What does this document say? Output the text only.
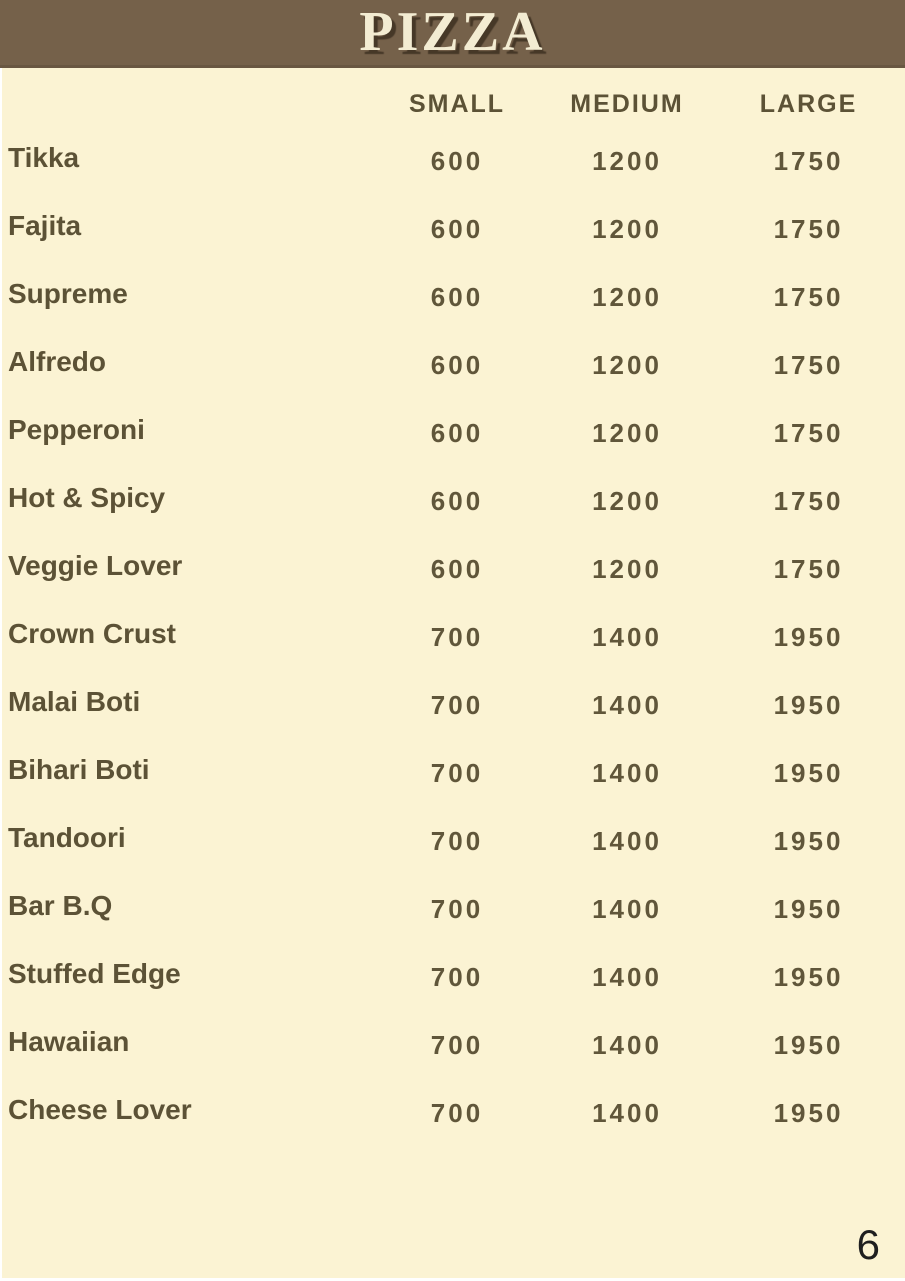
PIZZA
SMALL	MEDIUM	LARGE
Tikka	600	1200	1750
Fajita	600	1200	1750
Supreme	600	1200	1750
Alfredo	600	1200	1750
Pepperoni	600	1200	1750
Hot & Spicy	600	1200	1750
Veggie Lover	600	1200	1750
Crown Crust	700	1400	1950
Malai Boti	700	1400	1950
Bihari Boti	700	1400	1950
Tandoori	700	1400	1950
Bar B.Q	700	1400	1950
Stuffed Edge	700	1400	1950
Hawaiian	700	1400	1950
Cheese Lover	700	1400	1950
6
